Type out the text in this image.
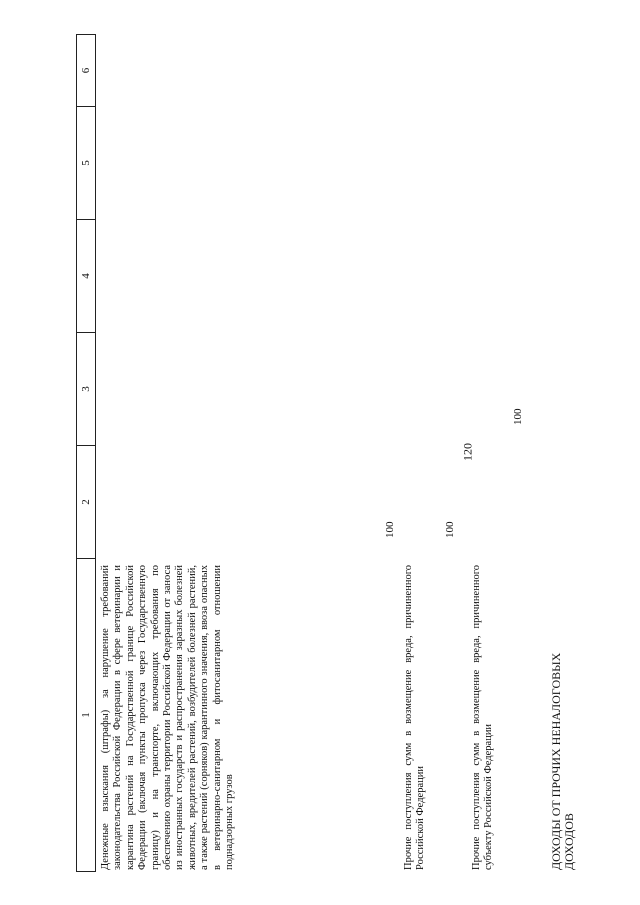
120
1
2
3
4
5
6
Денежные взыскания (штрафы) за нарушение требований законодательства Российской Федерации в сфере ветеринарии и карантина растений на Государственной границе Российской Федерации (включая пункты пропуска через Государственную границу) и на транспорте, включающих требования по обеспечению охраны территории Российской Федерации от заноса из иностранных государств и распространения заразных болезней животных, вредителей растений, возбудителей болезней растений, а также растений (сорняков) карантинного значения, ввоза опасных в ветеринарно-санитарном и фитосанитарном отношении поднадзорных грузов
100
Прочие поступления сумм в возмещение вреда, причиненного Российской Федерации
100
Прочие поступления сумм в возмещение вреда, причиненного субъекту Российской Федерации
100
ДОХОДЫ ОТ ПРОЧИХ НЕНАЛОГОВЫХ ДОХОДОВ
